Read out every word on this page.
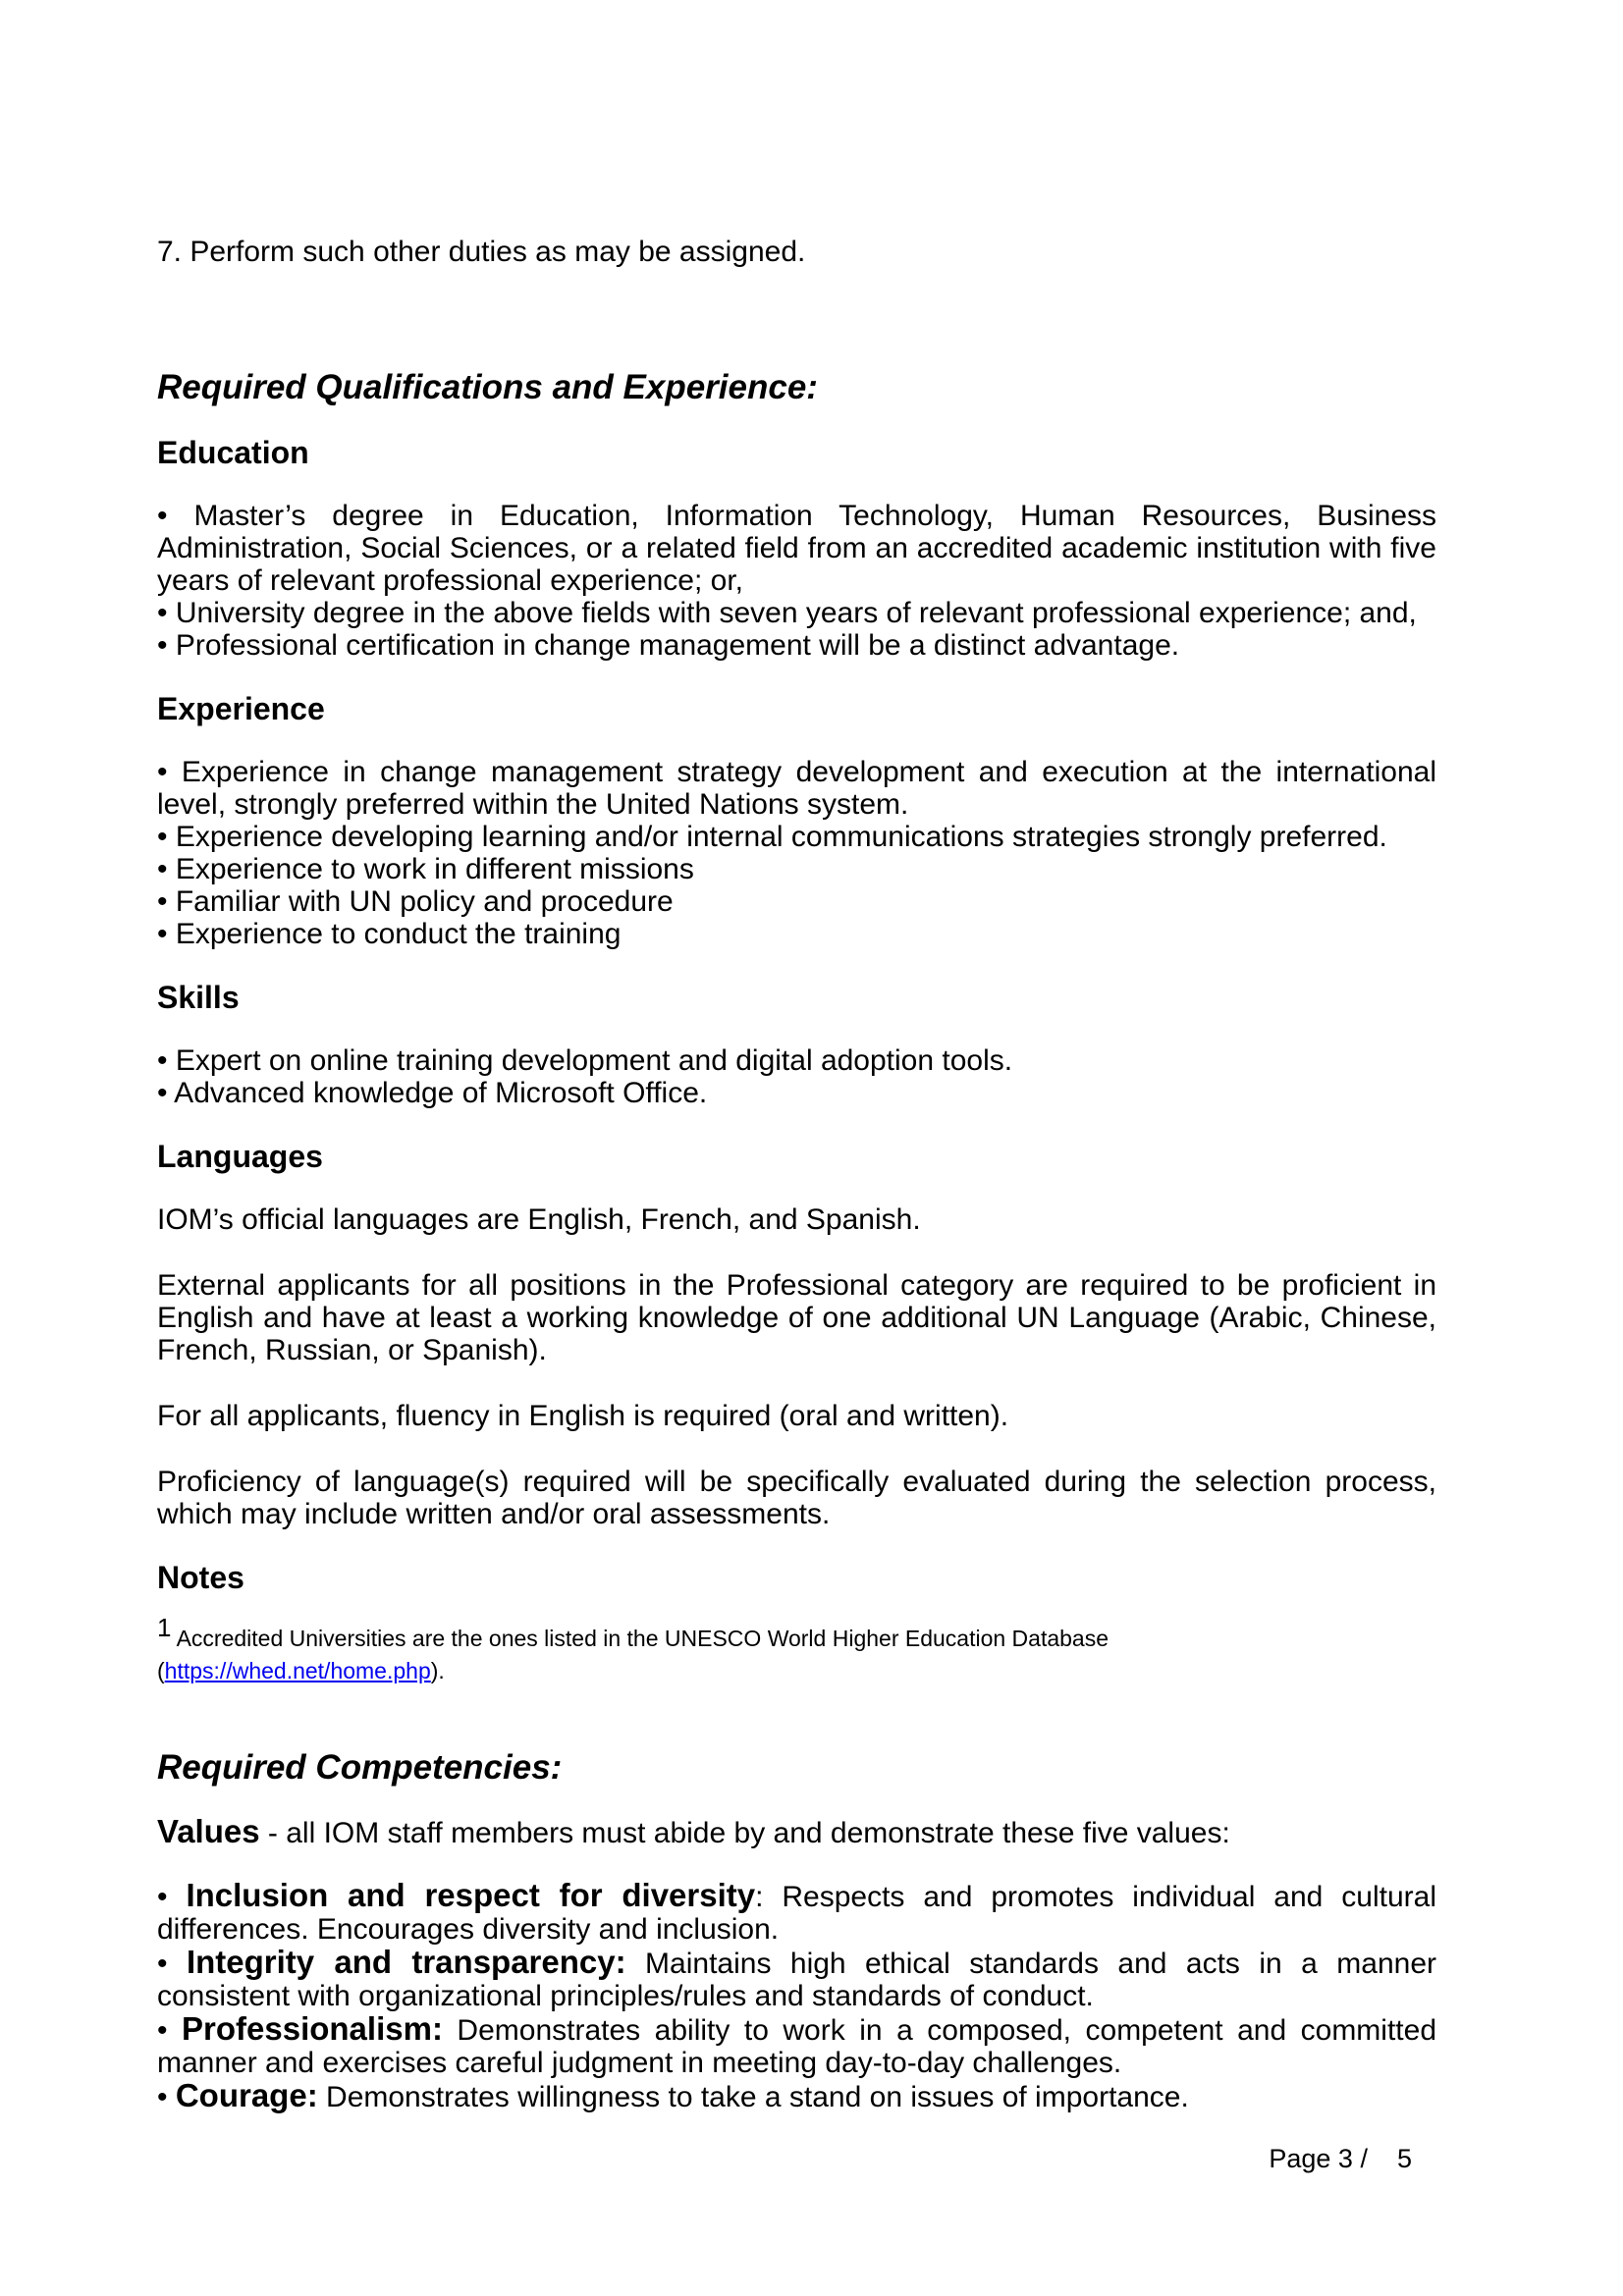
7. Perform such other duties as may be assigned.

Required Qualifications and Experience:

Education

• Master’s degree in Education, Information Technology, Human Resources, Business Administration, Social Sciences, or a related field from an accredited academic institution with five years of relevant professional experience; or,

• University degree in the above fields with seven years of relevant professional experience; and,

• Professional certification in change management will be a distinct advantage.

Experience

• Experience in change management strategy development and execution at the international level, strongly preferred within the United Nations system.

• Experience developing learning and/or internal communications strategies strongly preferred.

• Experience to work in different missions

• Familiar with UN policy and procedure

• Experience to conduct the training

Skills

• Expert on online training development and digital adoption tools.

• Advanced knowledge of Microsoft Office.

Languages

IOM’s official languages are English, French, and Spanish.

External applicants for all positions in the Professional category are required to be proficient in English and have at least a working knowledge of one additional UN Language (Arabic, Chinese, French, Russian, or Spanish).

For all applicants, fluency in English is required (oral and written).

Proficiency of language(s) required will be specifically evaluated during the selection process, which may include written and/or oral assessments.

Notes

$^1$ Accredited Universities are the ones listed in the UNESCO World Higher Education Database

(https://whed.net/home.php).

Required Competencies:

Values - all IOM staff members must abide by and demonstrate these five values:

• Inclusion and respect for diversity: Respects and promotes individual and cultural differences. Encourages diversity and inclusion.

• Integrity and transparency: Maintains high ethical standards and acts in a manner consistent with organizational principles/rules and standards of conduct.

• Professionalism: Demonstrates ability to work in a composed, competent and committed manner and exercises careful judgment in meeting day-to-day challenges.

• Courage: Demonstrates willingness to take a stand on issues of importance.

Page 3 / 5
